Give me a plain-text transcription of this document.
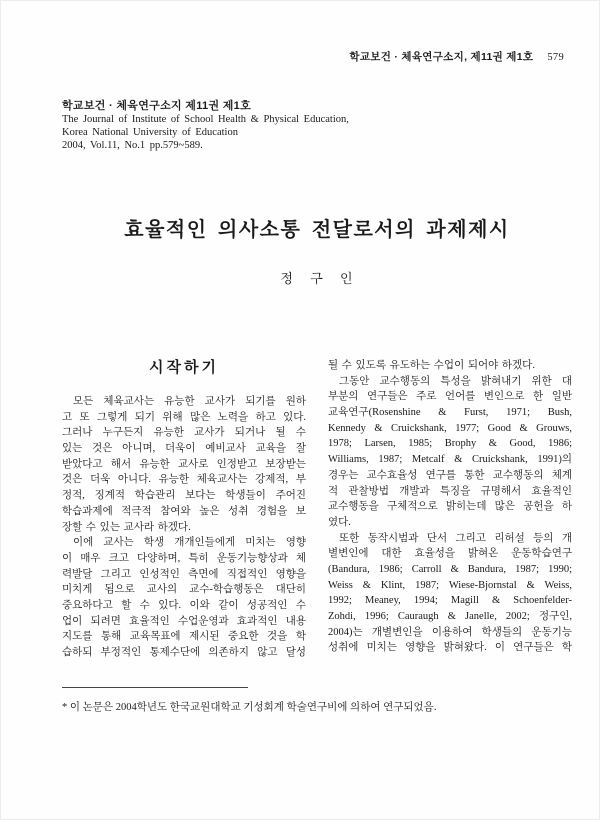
학교보건 · 체육연구소지, 제11권 제1호 579
학교보건 · 체육연구소지 제11권 제1호
The Journal of Institute of School Health & Physical Education,
Korea National University of Education
2004, Vol.11, No.1 pp.579~589.
효율적인 의사소통 전달로서의 과제제시
정 구 인
시작하기
모든 체육교사는 유능한 교사가 되기를 원하
고 또 그렇게 되기 위해 많은 노력을 하고 있다.
그러나 누구든지 유능한 교사가 되거나 될 수
있는 것은 아니며, 더욱이 예비교사 교육을 잘
받았다고 해서 유능한 교사로 인정받고 보장받는
것은 더욱 아니다. 유능한 체육교사는 강제적, 부
정적, 징계적 학습관리 보다는 학생들이 주어진
학습과제에 적극적 참여와 높은 성취 경험을 보
장할 수 있는 교사라 하겠다.
이에 교사는 학생 개개인들에게 미치는 영향
이 매우 크고 다양하며, 특히 운동기능향상과 체
력발달 그리고 인성적인 측면에 직접적인 영향을
미치게 됨으로 교사의 교수-학습행동은 대단히
중요하다고 할 수 있다. 이와 같이 성공적인 수
업이 되려면 효율적인 수업운영과 효과적인 내용
지도를 통해 교육목표에 제시된 중요한 것을 학
습하되 부정적인 통제수단에 의존하지 않고 달성
될 수 있도록 유도하는 수업이 되어야 하겠다.
그동안 교수행동의 특성을 밝혀내기 위한 대
부분의 연구들은 주로 언어를 변인으로 한 일반
교육연구(Rosenshine & Furst, 1971; Bush,
Kennedy & Cruickshank, 1977; Good & Grouws,
1978; Larsen, 1985; Brophy & Good, 1986;
Williams, 1987; Metcalf & Cruickshank, 1991)의
경우는 교수효율성 연구를 통한 교수행동의 체계
적 관찰방법 개발과 특징을 규명해서 효율적인
교수행동을 구체적으로 밝히는데 많은 공헌을 하
였다.
또한 동작시범과 단서 그리고 리허설 등의 개
별변인에 대한 효율성을 밝혀온 운동학습연구
(Bandura, 1986; Carroll & Bandura, 1987; 1990;
Weiss & Klint, 1987; Wiese-Bjornstal & Weiss,
1992; Meaney, 1994; Magill & Schoenfelder-
Zohdi, 1996; Cauraugh & Janelle, 2002; 정구인,
2004)는 개별변인을 이용하여 학생들의 운동기능
성취에 미치는 영향을 밝혀왔다. 이 연구들은 학
* 이 논문은 2004학년도 한국교원대학교 기성회계 학술연구비에 의하여 연구되었음.
